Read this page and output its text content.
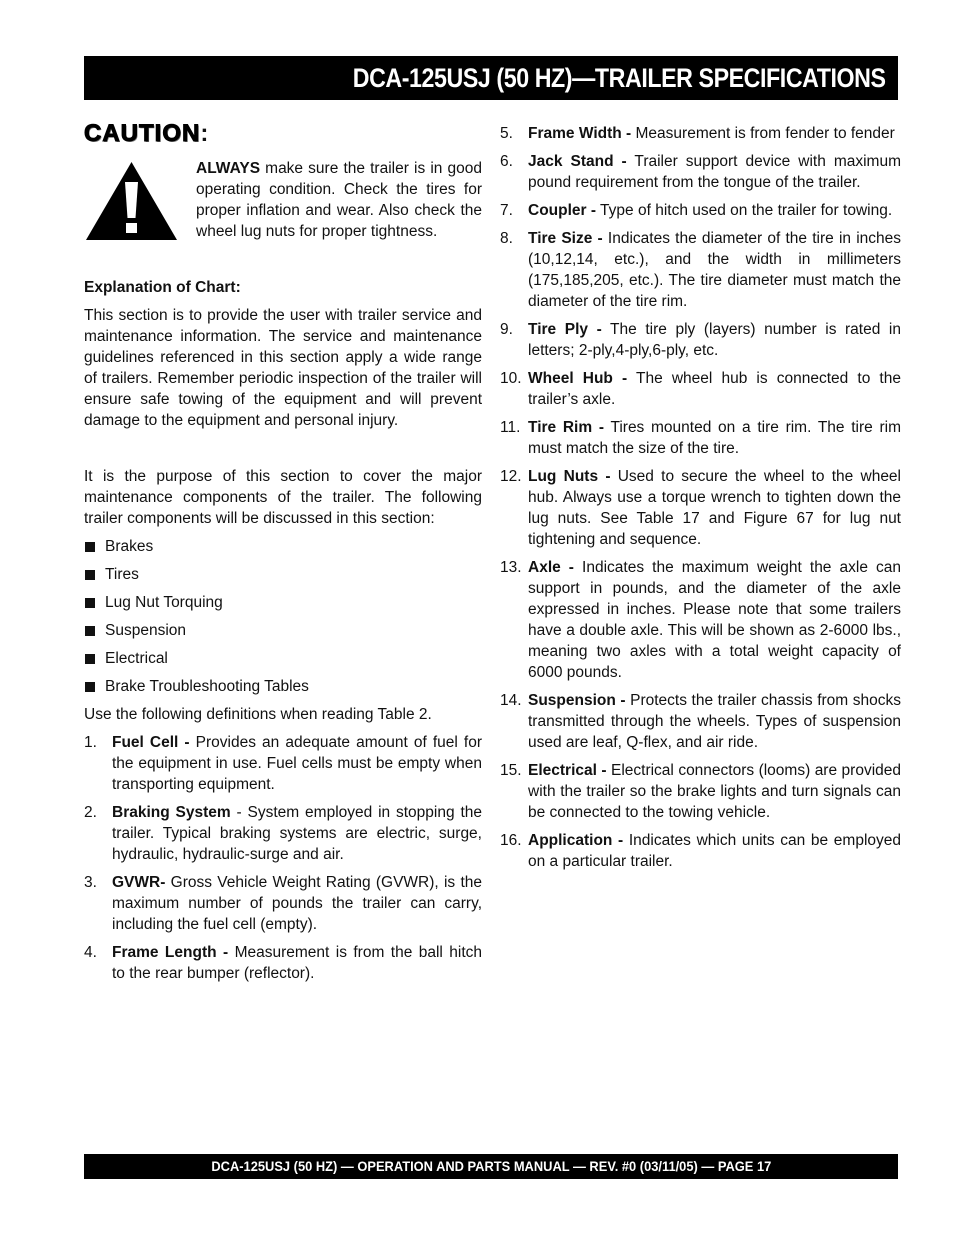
DCA-125USJ (50 HZ)—TRAILER SPECIFICATIONS
CAUTION:
ALWAYS make sure the trailer is in good operating condition. Check the tires for proper inflation and wear. Also check the wheel lug nuts for proper tightness.
Explanation of Chart:
This section is to provide the user with trailer service and maintenance information. The service and maintenance guidelines referenced in this section apply a wide range of trailers. Remember periodic inspection of the trailer will ensure safe towing of the equipment and will prevent damage to the equipment and personal injury.
It is the purpose of this section to cover the major maintenance components of the trailer. The following trailer components will be discussed in this section:
Brakes
Tires
Lug Nut Torquing
Suspension
Electrical
Brake Troubleshooting Tables
Use the following definitions when reading Table 2.
1. Fuel Cell - Provides an adequate amount of fuel for the equipment in use. Fuel cells must be empty when transporting equipment.
2. Braking System - System employed in stopping the trailer. Typical braking systems are electric, surge, hydraulic, hydraulic-surge and air.
3. GVWR- Gross Vehicle Weight Rating (GVWR), is the maximum number of pounds the trailer can carry, including the fuel cell (empty).
4. Frame Length - Measurement is from the ball hitch to the rear bumper (reflector).
5. Frame Width - Measurement is from fender to fender
6. Jack Stand - Trailer support device with maximum pound requirement from the tongue of the trailer.
7. Coupler - Type of hitch used on the trailer for towing.
8. Tire Size - Indicates the diameter of the tire in inches (10,12,14, etc.), and the width in millimeters (175,185,205, etc.). The tire diameter must match the diameter of the tire rim.
9. Tire Ply - The tire ply (layers) number is rated in letters; 2-ply,4-ply,6-ply, etc.
10. Wheel Hub - The wheel hub is connected to the trailer’s axle.
11. Tire Rim - Tires mounted on a tire rim. The tire rim must match the size of the tire.
12. Lug Nuts - Used to secure the wheel to the wheel hub. Always use a torque wrench to tighten down the lug nuts. See Table 17 and Figure 67 for lug nut tightening and sequence.
13. Axle - Indicates the maximum weight the axle can support in pounds, and the diameter of the axle expressed in inches. Please note that some trailers have a double axle. This will be shown as 2-6000 lbs., meaning two axles with a total weight capacity of 6000 pounds.
14. Suspension - Protects the trailer chassis from shocks transmitted through the wheels. Types of suspension used are leaf, Q-flex, and air ride.
15. Electrical - Electrical connectors (looms) are provided with the trailer so the brake lights and turn signals can be connected to the towing vehicle.
16. Application - Indicates which units can be employed on a particular trailer.
DCA-125USJ (50 HZ) — OPERATION AND PARTS MANUAL — REV. #0 (03/11/05) — PAGE 17
